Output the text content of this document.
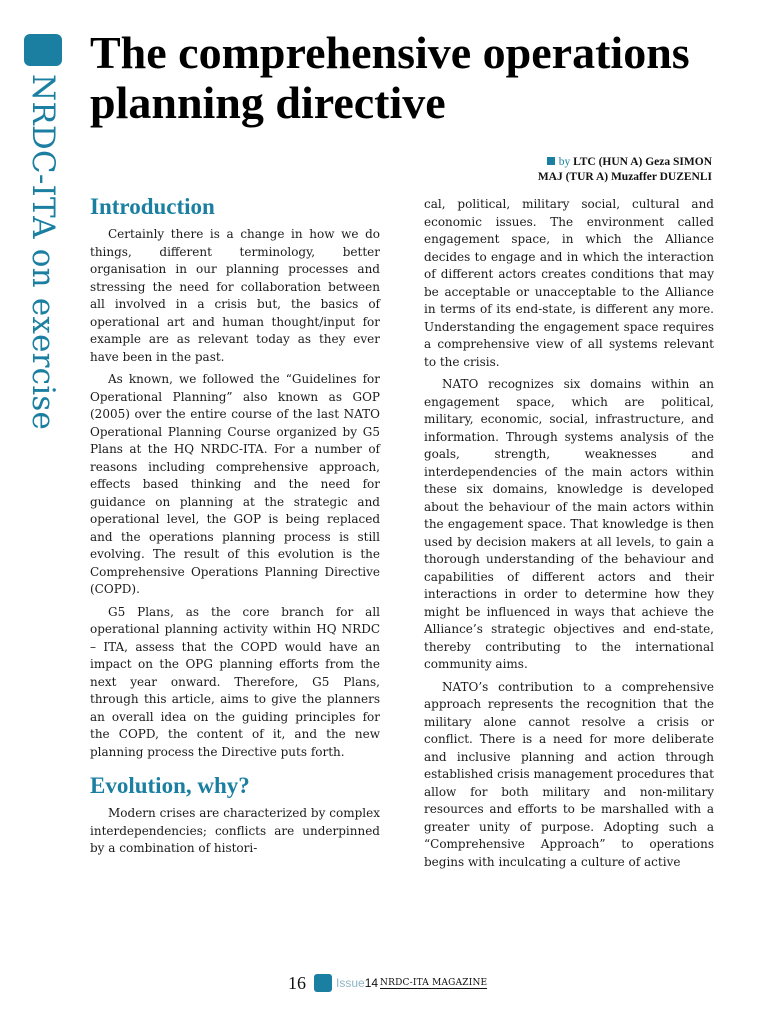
NRDC-ITA on exercise
The comprehensive operations planning directive
by LTC (HUN A) Geza SIMON
MAJ (TUR A) Muzaffer DUZENLI
Introduction

Certainly there is a change in how we do things, different terminology, better organisation in our planning processes and stressing the need for collaboration between all involved in a crisis but, the basics of operational art and human thought/input for example are as relevant today as they ever have been in the past.

As known, we followed the “Guidelines for Operational Planning” also known as GOP (2005) over the entire course of the last NATO Operational Planning Course organized by G5 Plans at the HQ NRDC-ITA. For a number of reasons including comprehensive approach, effects based thinking and the need for guidance on planning at the strategic and operational level, the GOP is being replaced and the operations planning process is still evolving. The result of this evolution is the Comprehensive Operations Planning Directive (COPD).

G5 Plans, as the core branch for all operational planning activity within HQ NRDC – ITA, assess that the COPD would have an impact on the OPG planning efforts from the next year onward. Therefore, G5 Plans, through this article, aims to give the planners an overall idea on the guiding principles for the COPD, the content of it, and the new planning process the Directive puts forth.

Evolution, why?

Modern crises are characterized by complex interdependencies; conflicts are underpinned by a combination of histori-

cal, political, military social, cultural and economic issues. The environment called engagement space, in which the Alliance decides to engage and in which the interaction of different actors creates conditions that may be acceptable or unacceptable to the Alliance in terms of its end-state, is different any more. Understanding the engagement space requires a comprehensive view of all systems relevant to the crisis.

NATO recognizes six domains within an engagement space, which are political, military, economic, social, infrastructure, and information. Through systems analysis of the goals, strength, weaknesses and interdependencies of the main actors within these six domains, knowledge is developed about the behaviour of the main actors within the engagement space. That knowledge is then used by decision makers at all levels, to gain a thorough understanding of the behaviour and capabilities of different actors and their interactions in order to determine how they might be influenced in ways that achieve the Alliance’s strategic objectives and end-state, thereby contributing to the international community aims.

NATO’s contribution to a comprehensive approach represents the recognition that the military alone cannot resolve a crisis or conflict. There is a need for more deliberate and inclusive planning and action through established crisis management procedures that allow for both military and non-military resources and efforts to be marshalled with a greater unity of purpose. Adopting such a “Comprehensive Approach” to operations begins with inculcating a culture of active

16	Issue 14 NRDC-ITA MAGAZINE
